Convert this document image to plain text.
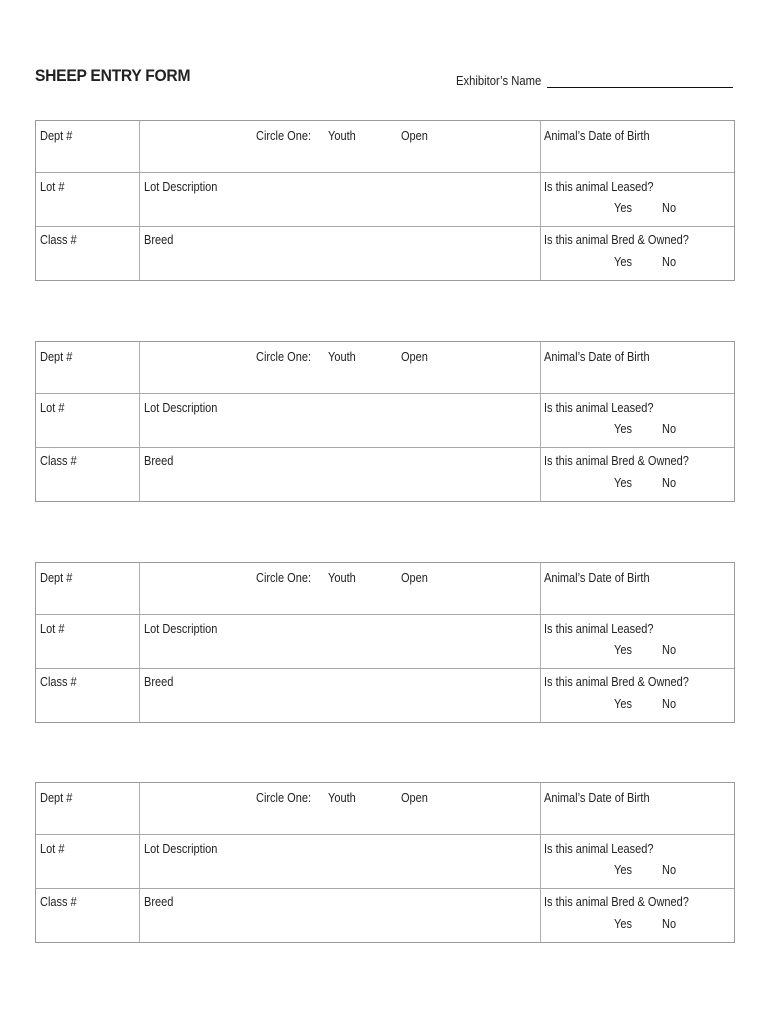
SHEEP ENTRY FORM	Exhibitor’s Name
Dept #	Circle One: Youth	Open	Animal’s Date of Birth
Lot #	Lot Description	Is this animal Leased?
Yes No
Class #	Breed	Is this animal Bred & Owned?
Yes No
Dept #	Circle One: Youth	Open	Animal’s Date of Birth
Lot #	Lot Description	Is this animal Leased?
Yes No
Class #	Breed	Is this animal Bred & Owned?
Yes No
Dept #	Circle One: Youth	Open	Animal’s Date of Birth
Lot #	Lot Description	Is this animal Leased?
Yes No
Class #	Breed	Is this animal Bred & Owned?
Yes No
Dept #	Circle One: Youth	Open	Animal’s Date of Birth
Lot #	Lot Description	Is this animal Leased?
Yes No
Class #	Breed	Is this animal Bred & Owned?
Yes No
